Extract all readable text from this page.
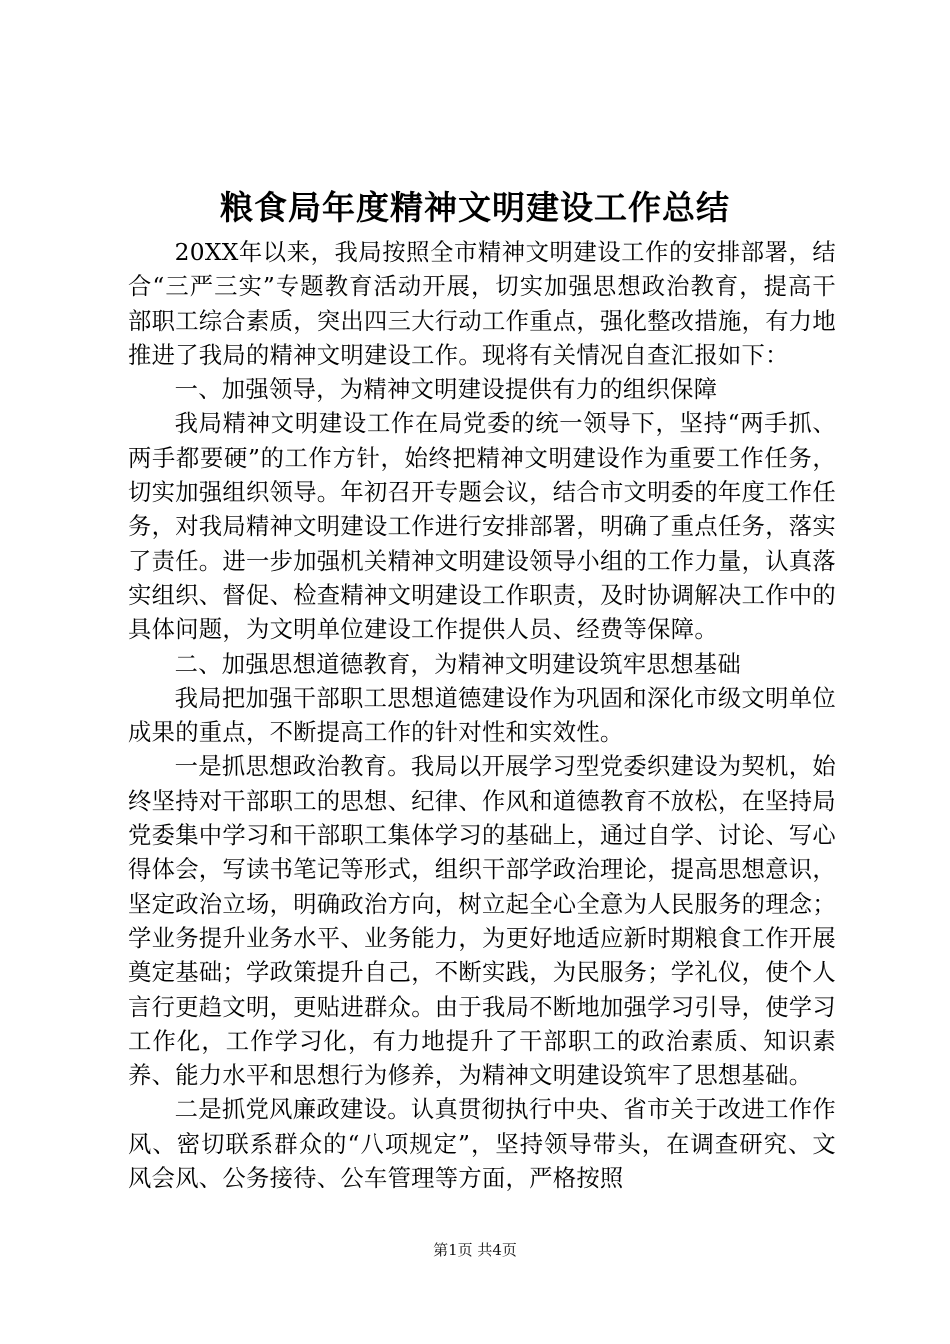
粮食局年度精神文明建设工作总结

20XX年以来，我局按照全市精神文明建设工作的安排部署，结合“三严三实”专题教育活动开展，切实加强思想政治教育，提高干部职工综合素质，突出四三大行动工作重点，强化整改措施，有力地推进了我局的精神文明建设工作。现将有关情况自查汇报如下：

一、加强领导，为精神文明建设提供有力的组织保障

我局精神文明建设工作在局党委的统一领导下，坚持“两手抓、两手都要硬”的工作方针，始终把精神文明建设作为重要工作任务，切实加强组织领导。年初召开专题会议，结合市文明委的年度工作任务，对我局精神文明建设工作进行安排部署，明确了重点任务，落实了责任。进一步加强机关精神文明建设领导小组的工作力量，认真落实组织、督促、检查精神文明建设工作职责，及时协调解决工作中的具体问题，为文明单位建设工作提供人员、经费等保障。

二、加强思想道德教育，为精神文明建设筑牢思想基础

我局把加强干部职工思想道德建设作为巩固和深化市级文明单位成果的重点，不断提高工作的针对性和实效性。

一是抓思想政治教育。我局以开展学习型党委织建设为契机，始终坚持对干部职工的思想、纪律、作风和道德教育不放松，在坚持局党委集中学习和干部职工集体学习的基础上，通过自学、讨论、写心得体会，写读书笔记等形式，组织干部学政治理论，提高思想意识，坚定政治立场，明确政治方向，树立起全心全意为人民服务的理念；学业务提升业务水平、业务能力，为更好地适应新时期粮食工作开展奠定基础；学政策提升自己，不断实践，为民服务；学礼仪，使个人言行更趋文明，更贴进群众。由于我局不断地加强学习引导，使学习工作化，工作学习化，有力地提升了干部职工的政治素质、知识素养、能力水平和思想行为修养，为精神文明建设筑牢了思想基础。

二是抓党风廉政建设。认真贯彻执行中央、省市关于改进工作作风、密切联系群众的“八项规定”，坚持领导带头，在调查研究、文风会风、公务接待、公车管理等方面，严格按照

第1页 共4页
